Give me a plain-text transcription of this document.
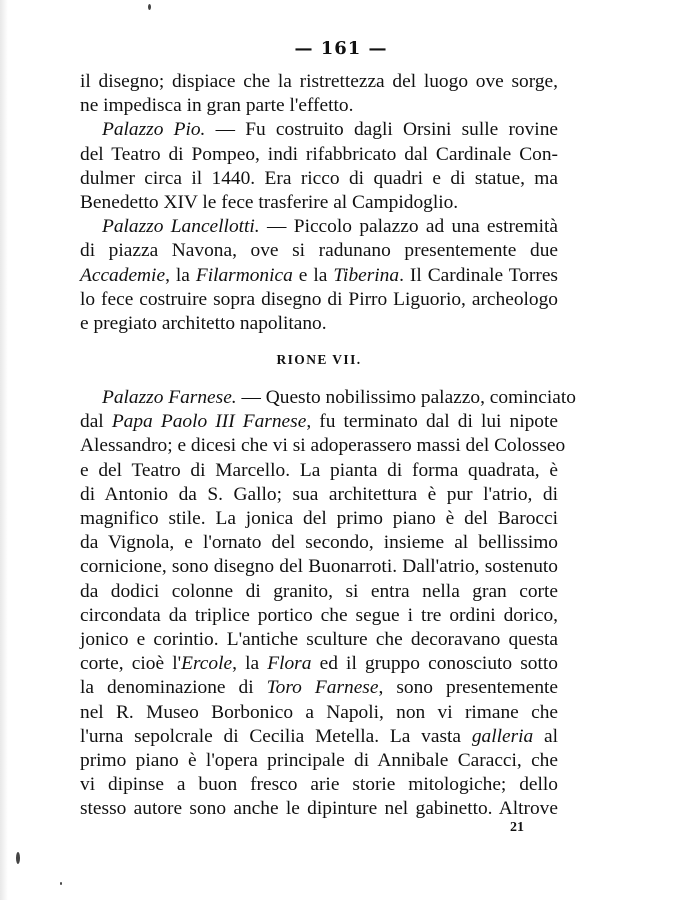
— 161 —
il disegno; dispiace che la ristrettezza del luogo ove sorge,
ne impedisca in gran parte l'effetto.
Palazzo Pio. — Fu costruito dagli Orsini sulle rovine
del Teatro di Pompeo, indi rifabbricato dal Cardinale Con-
dulmer circa il 1440. Era ricco di quadri e di statue, ma
Benedetto XIV le fece trasferire al Campidoglio.
Palazzo Lancellotti. — Piccolo palazzo ad una estremità
di piazza Navona, ove si radunano presentemente due
Accademie, la Filarmonica e la Tiberina. Il Cardinale Torres
lo fece costruire sopra disegno di Pirro Liguorio, archeologo
e pregiato architetto napolitano.
RIONE VII.
Palazzo Farnese. — Questo nobilissimo palazzo, cominciato
dal Papa Paolo III Farnese, fu terminato dal di lui nipote
Alessandro; e dicesi che vi si adoperassero massi del Colosseo
e del Teatro di Marcello. La pianta di forma quadrata, è
di Antonio da S. Gallo; sua architettura è pur l'atrio, di
magnifico stile. La jonica del primo piano è del Barocci
da Vignola, e l'ornato del secondo, insieme al bellissimo
cornicione, sono disegno del Buonarroti. Dall'atrio, sostenuto
da dodici colonne di granito, si entra nella gran corte
circondata da triplice portico che segue i tre ordini dorico,
jonico e corintio. L'antiche sculture che decoravano questa
corte, cioè l'Ercole, la Flora ed il gruppo conosciuto sotto
la denominazione di Toro Farnese, sono presentemente
nel R. Museo Borbonico a Napoli, non vi rimane che
l'urna sepolcrale di Cecilia Metella. La vasta galleria al
primo piano è l'opera principale di Annibale Caracci, che
vi dipinse a buon fresco arie storie mitologiche; dello
stesso autore sono anche le dipinture nel gabinetto. Altrove
21
